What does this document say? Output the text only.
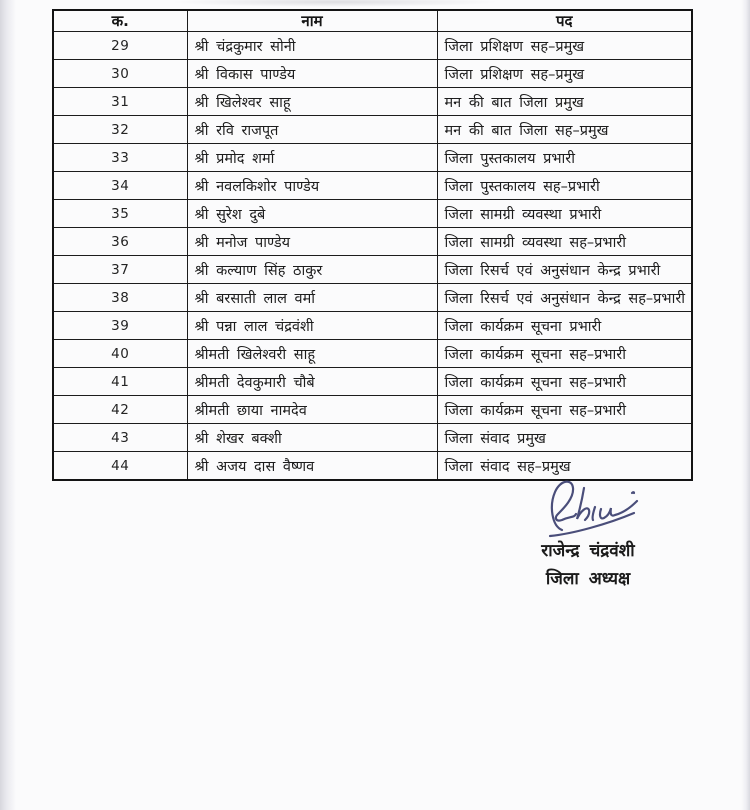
क.	नाम	पद
29	श्री चंद्रकुमार सोनी	जिला प्रशिक्षण सह–प्रमुख
30	श्री विकास पाण्डेय	जिला प्रशिक्षण सह–प्रमुख
31	श्री खिलेश्वर साहू	मन की बात जिला प्रमुख
32	श्री रवि राजपूत	मन की बात जिला सह–प्रमुख
33	श्री प्रमोद शर्मा	जिला पुस्तकालय प्रभारी
34	श्री नवलकिशोर पाण्डेय	जिला पुस्तकालय सह–प्रभारी
35	श्री सुरेश दुबे	जिला सामग्री व्यवस्था प्रभारी
36	श्री मनोज पाण्डेय	जिला सामग्री व्यवस्था सह–प्रभारी
37	श्री कल्याण सिंह ठाकुर	जिला रिसर्च एवं अनुसंधान केन्द्र प्रभारी
38	श्री बरसाती लाल वर्मा	जिला रिसर्च एवं अनुसंधान केन्द्र सह–प्रभारी
39	श्री पन्ना लाल चंद्रवंशी	जिला कार्यक्रम सूचना प्रभारी
40	श्रीमती खिलेश्वरी साहू	जिला कार्यक्रम सूचना सह–प्रभारी
41	श्रीमती देवकुमारी चौबे	जिला कार्यक्रम सूचना सह–प्रभारी
42	श्रीमती छाया नामदेव	जिला कार्यक्रम सूचना सह–प्रभारी
43	श्री शेखर बक्शी	जिला संवाद प्रमुख
44	श्री अजय दास वैष्णव	जिला संवाद सह–प्रमुख
राजेन्द्र चंद्रवंशी
जिला अध्यक्ष
